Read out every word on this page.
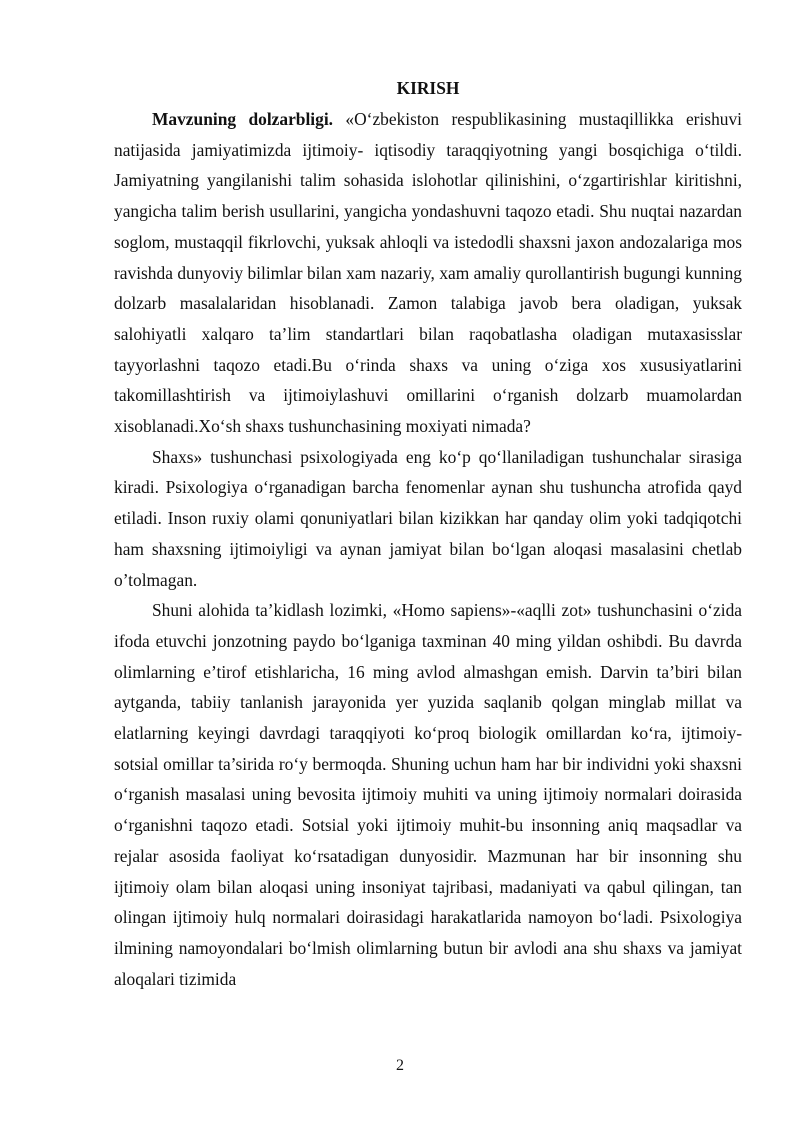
KIRISH

Mavzuning dolzarbligi. «O‘zbekiston respublikasining mustaqillikka erishuvi natijasida jamiyatimizda ijtimoiy- iqtisodiy taraqqiyotning yangi bosqichiga o‘tildi. Jamiyatning yangilanishi talim sohasida islohotlar qilinishini, o‘zgartirishlar kiritishni, yangicha talim berish usullarini, yangicha yondashuvni taqozo etadi. Shu nuqtai nazardan soglom, mustaqqil fikrlovchi, yuksak ahloqli va istedodli shaxsni jaxon andozalariga mos ravishda dunyoviy bilimlar bilan xam nazariy, xam amaliy qurollantirish bugungi kunning dolzarb masalalaridan hisoblanadi. Zamon talabiga javob bera oladigan, yuksak salohiyatli xalqaro ta’lim standartlari bilan raqobatlasha oladigan mutaxasisslar tayyorlashni taqozo etadi.Bu o‘rinda shaxs va uning o‘ziga xos xususiyatlarini takomillashtirish va ijtimoiylashuvi omillarini o‘rganish dolzarb muamolardan xisoblanadi.Xo‘sh shaxs tushunchasining moxiyati nimada?

Shaxs» tushunchasi psixologiyada eng ko‘p qo‘llaniladigan tushunchalar sirasiga kiradi. Psixologiya o‘rganadigan barcha fenomenlar aynan shu tushuncha atrofida qayd etiladi. Inson ruxiy olami qonuniyatlari bilan kizikkan har qanday olim yoki tadqiqotchi ham shaxsning ijtimoiyligi va aynan jamiyat bilan bo‘lgan aloqasi masalasini chetlab o’tolmagan.

Shuni alohida ta’kidlash lozimki, «Homo sapiens»-«aqlli zot» tushunchasini o‘zida ifoda etuvchi jonzotning paydo bo‘lganiga taxminan 40 ming yildan oshibdi. Bu davrda olimlarning e’tirof etishlaricha, 16 ming avlod almashgan emish. Darvin ta’biri bilan aytganda, tabiiy tanlanish jarayonida yer yuzida saqlanib qolgan minglab millat va elatlarning keyingi davrdagi taraqqiyoti ko‘proq biologik omillardan ko‘ra, ijtimoiy-sotsial omillar ta’sirida ro‘y bermoqda. Shuning uchun ham har bir individni yoki shaxsni o‘rganish masalasi uning bevosita ijtimoiy muhiti va uning ijtimoiy normalari doirasida o‘rganishni taqozo etadi. Sotsial yoki ijtimoiy muhit-bu insonning aniq maqsadlar va rejalar asosida faoliyat ko‘rsatadigan dunyosidir. Mazmunan har bir insonning shu ijtimoiy olam bilan aloqasi uning insoniyat tajribasi, madaniyati va qabul qilingan, tan olingan ijtimoiy hulq normalari doirasidagi harakatlarida namoyon bo‘ladi. Psixologiya ilmining namoyondalari bo‘lmish olimlarning butun bir avlodi ana shu shaxs va jamiyat aloqalari tizimida

2
